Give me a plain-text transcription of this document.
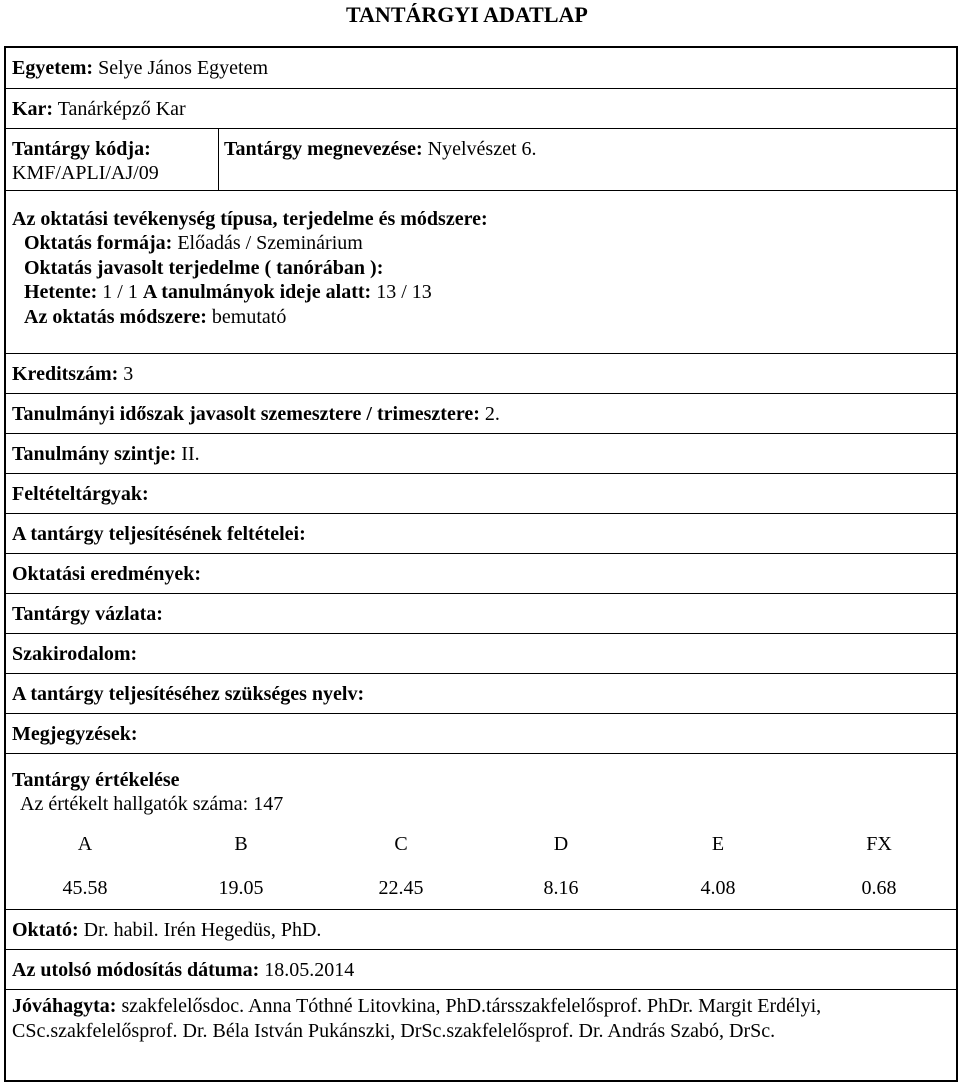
TANTÁRGYI ADATLAP
Egyetem: Selye János Egyetem
Kar: Tanárképző Kar
Tantárgy kódja:
KMF/APLI/AJ/09
Tantárgy megnevezése: Nyelvészet 6.
Az oktatási tevékenység típusa, terjedelme és módszere:
Oktatás formája: Előadás / Szeminárium
Oktatás javasolt terjedelme ( tanórában ):
Hetente: 1 / 1 A tanulmányok ideje alatt: 13 / 13
Az oktatás módszere: bemutató
Kreditszám: 3
Tanulmányi időszak javasolt szemesztere / trimesztere: 2.
Tanulmány szintje: II.
Feltételtárgyak:
A tantárgy teljesítésének feltételei:
Oktatási eredmények:
Tantárgy vázlata:
Szakirodalom:
A tantárgy teljesítéséhez szükséges nyelv:
Megjegyzések:
Tantárgy értékelése
Az értékelt hallgatók száma: 147
A	B	C	D	E	FX
45.58	19.05	22.45	8.16	4.08	0.68
Oktató: Dr. habil. Irén Hegedüs, PhD.
Az utolsó módosítás dátuma: 18.05.2014
Jóváhagyta: szakfelelősdoc. Anna Tóthné Litovkina, PhD.társszakfelelősprof. PhDr. Margit Erdélyi, CSc.szakfelelősprof. Dr. Béla István Pukánszki, DrSc.szakfelelősprof. Dr. András Szabó, DrSc.
